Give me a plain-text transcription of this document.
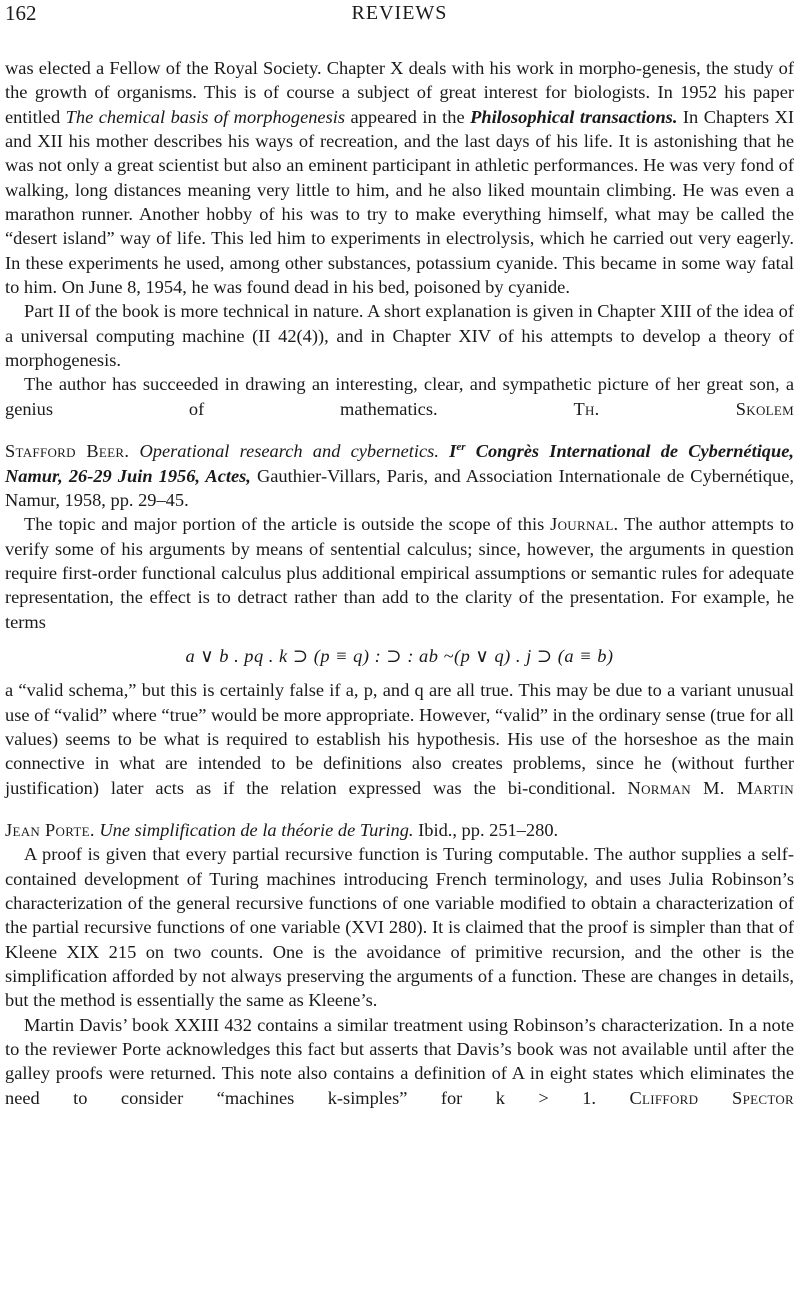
162	REVIEWS

was elected a Fellow of the Royal Society. Chapter X deals with his work in morpho-genesis, the study of the growth of organisms. This is of course a subject of great interest for biologists. In 1952 his paper entitled The chemical basis of morphogenesis appeared in the Philosophical transactions. In Chapters XI and XII his mother describes his ways of recreation, and the last days of his life. It is astonishing that he was not only a great scientist but also an eminent participant in athletic performances. He was very fond of walking, long distances meaning very little to him, and he also liked mountain climbing. He was even a marathon runner. Another hobby of his was to try to make everything himself, what may be called the “desert island” way of life. This led him to experiments in electrolysis, which he carried out very eagerly. In these experiments he used, among other substances, potassium cyanide. This became in some way fatal to him. On June 8, 1954, he was found dead in his bed, poisoned by cyanide.

Part II of the book is more technical in nature. A short explanation is given in Chapter XIII of the idea of a universal computing machine (II 42(4)), and in Chapter XIV of his attempts to develop a theory of morphogenesis.

The author has succeeded in drawing an interesting, clear, and sympathetic picture of her great son, a genius of mathematics.	Th. Skolem

Stafford Beer. Operational research and cybernetics. Ier Congrès International de Cybernétique, Namur, 26-29 Juin 1956, Actes, Gauthier-Villars, Paris, and Association Internationale de Cybernétique, Namur, 1958, pp. 29–45.

The topic and major portion of the article is outside the scope of this Journal. The author attempts to verify some of his arguments by means of sentential calculus; since, however, the arguments in question require first-order functional calculus plus additional empirical assumptions or semantic rules for adequate representation, the effect is to detract rather than add to the clarity of the presentation. For example, he terms

a ∨ b . pq . k ⊃ (p ≡ q) : ⊃ : ab ~(p ∨ q) . j ⊃ (a ≡ b)

a “valid schema,” but this is certainly false if a, p, and q are all true. This may be due to a variant unusual use of “valid” where “true” would be more appropriate. However, “valid” in the ordinary sense (true for all values) seems to be what is required to establish his hypothesis. His use of the horseshoe as the main connective in what are intended to be definitions also creates problems, since he (without further justification) later acts as if the relation expressed was the bi-conditional. Norman M. Martin

Jean Porte. Une simplification de la théorie de Turing. Ibid., pp. 251–280.

A proof is given that every partial recursive function is Turing computable. The author supplies a self-contained development of Turing machines introducing French terminology, and uses Julia Robinson’s characterization of the general recursive functions of one variable modified to obtain a characterization of the partial recursive functions of one variable (XVI 280). It is claimed that the proof is simpler than that of Kleene XIX 215 on two counts. One is the avoidance of primitive recursion, and the other is the simplification afforded by not always preserving the arguments of a function. These are changes in details, but the method is essentially the same as Kleene’s.

Martin Davis’ book XXIII 432 contains a similar treatment using Robinson’s characterization. In a note to the reviewer Porte acknowledges this fact but asserts that Davis’s book was not available until after the galley proofs were returned. This note also contains a definition of A in eight states which eliminates the need to consider “machines k-simples” for k > 1. Clifford Spector
